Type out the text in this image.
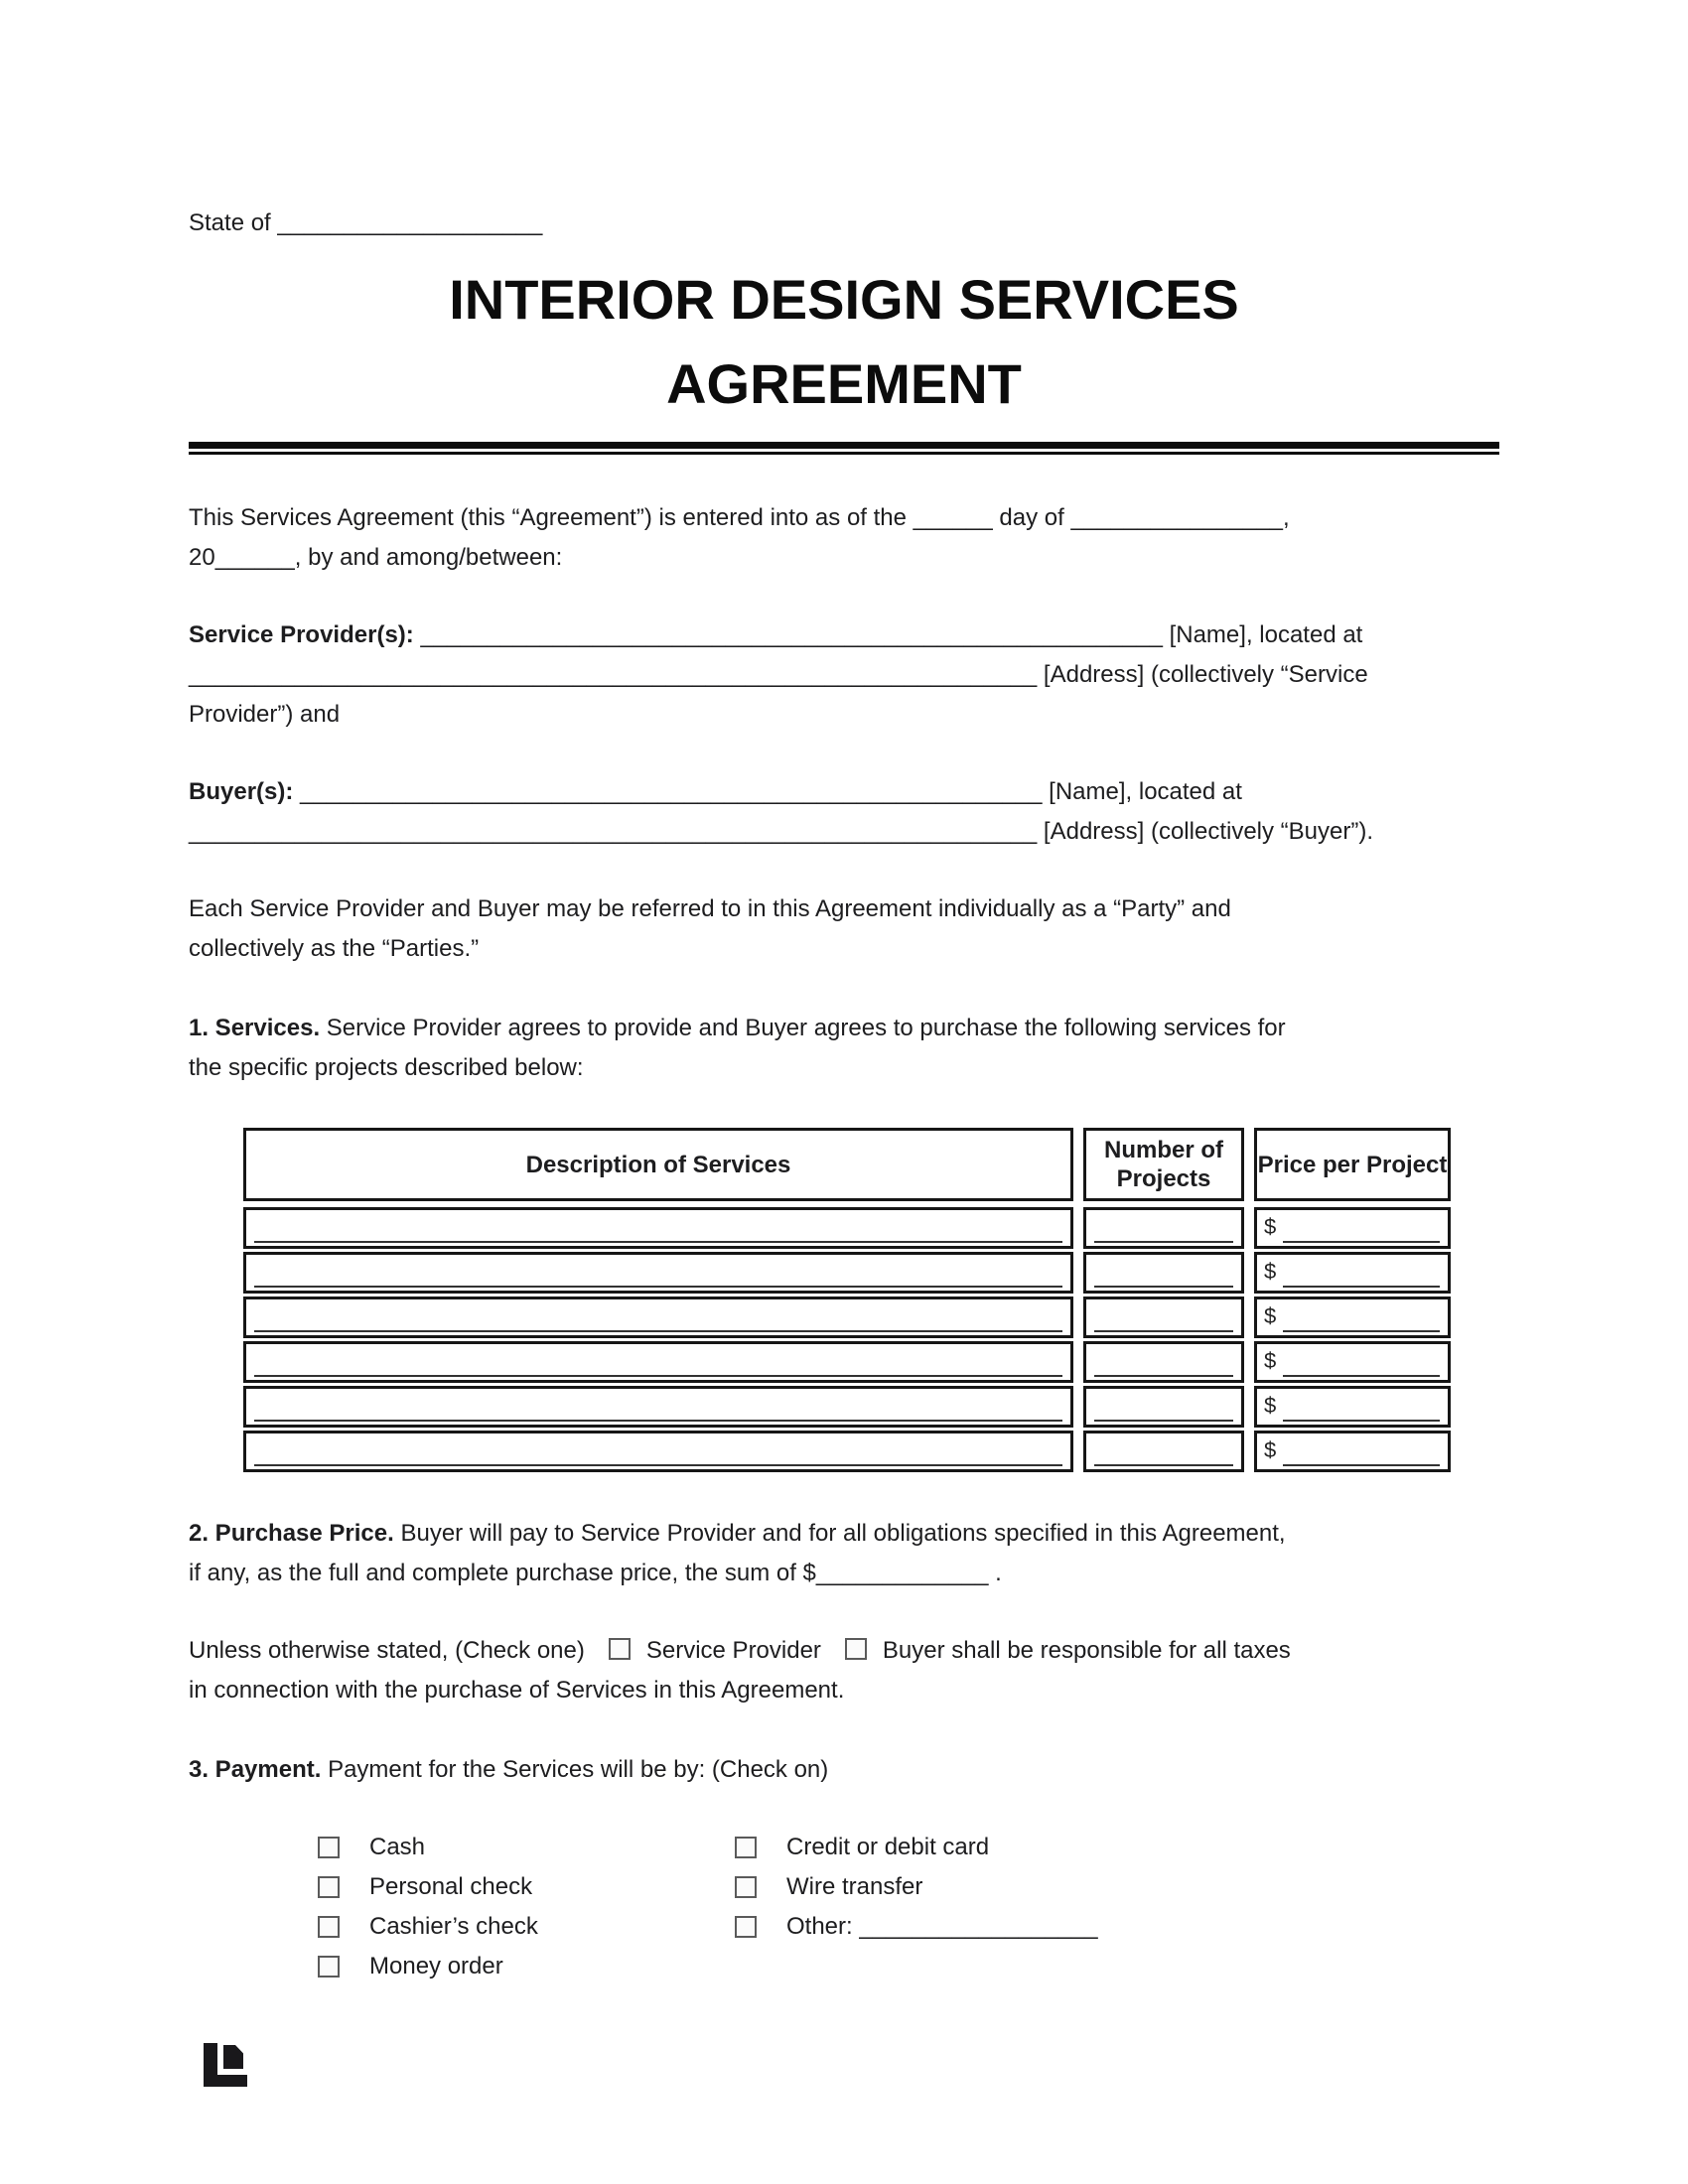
State of ____________________
INTERIOR DESIGN SERVICES
AGREEMENT
This Services Agreement (this “Agreement”) is entered into as of the ______ day of ________________,
20______, by and among/between:
Service Provider(s): ________________________________________________________ [Name], located at
________________________________________________________________ [Address] (collectively “Service
Provider”) and
Buyer(s): ________________________________________________________ [Name], located at
________________________________________________________________ [Address] (collectively “Buyer”).
Each Service Provider and Buyer may be referred to in this Agreement individually as a “Party” and
collectively as the “Parties.”
1. Services. Service Provider agrees to provide and Buyer agrees to purchase the following services for
the specific projects described below:
Description of Services
Number of Projects
Price per Project
$
$
$
$
$
$
2. Purchase Price. Buyer will pay to Service Provider and for all obligations specified in this Agreement,
if any, as the full and complete purchase price, the sum of $_____________ .
Unless otherwise stated, (Check one)	Service Provider	Buyer shall be responsible for all taxes
in connection with the purchase of Services in this Agreement.
3. Payment. Payment for the Services will be by: (Check on)
Cash
Personal check
Cashier’s check
Money order
Credit or debit card
Wire transfer
Other: __________________
